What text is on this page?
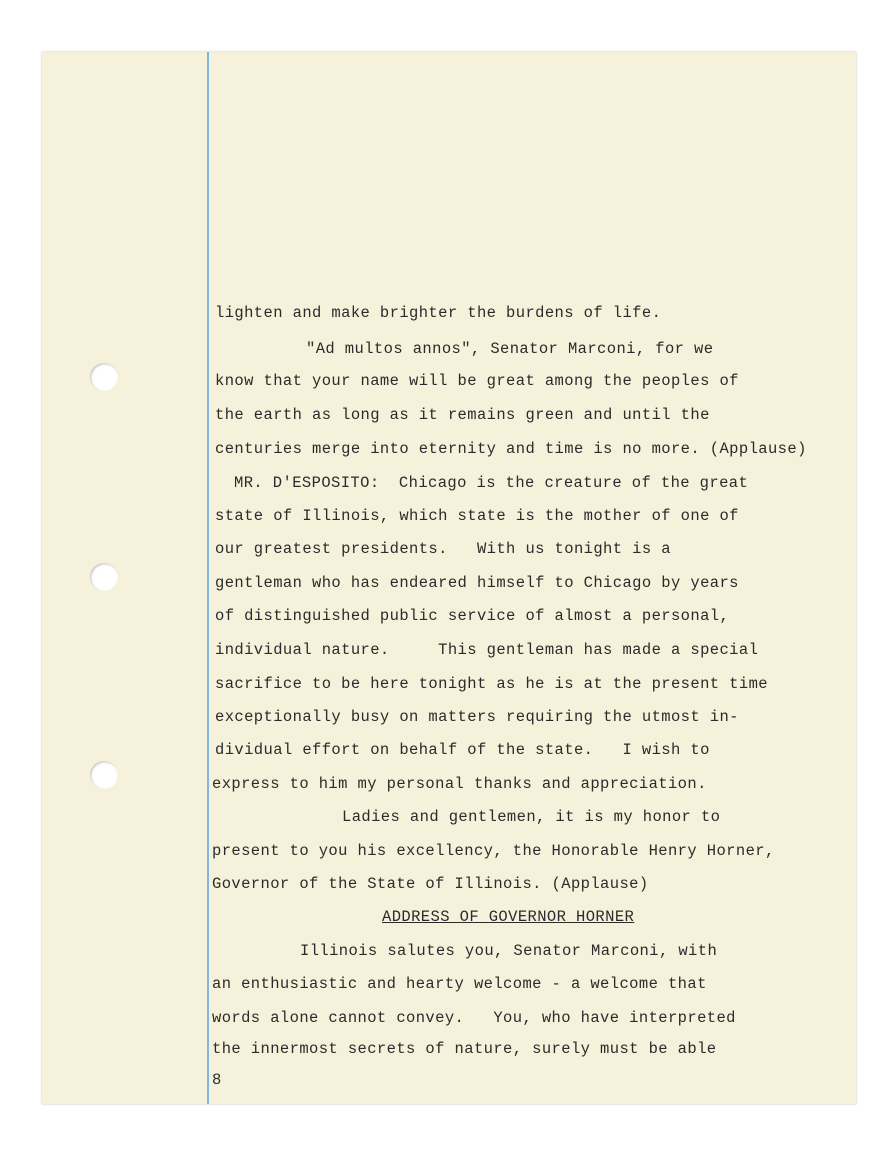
lighten and make brighter the burdens of life.

"Ad multos annos", Senator Marconi, for we

know that your name will be great among the peoples of

the earth as long as it remains green and until the

centuries merge into eternity and time is no more. (Applause)

MR. D'ESPOSITO:  Chicago is the creature of the great

state of Illinois, which state is the mother of one of

our greatest presidents.   With us tonight is a

gentleman who has endeared himself to Chicago by years

of distinguished public service of almost a personal,

individual nature.     This gentleman has made a special

sacrifice to be here tonight as he is at the present time

exceptionally busy on matters requiring the utmost in-

dividual effort on behalf of the state.   I wish to

express to him my personal thanks and appreciation.

Ladies and gentlemen, it is my honor to

present to you his excellency, the Honorable Henry Horner,

Governor of the State of Illinois. (Applause)

ADDRESS OF GOVERNOR HORNER

Illinois salutes you, Senator Marconi, with

an enthusiastic and hearty welcome - a welcome that

words alone cannot convey.   You, who have interpreted

the innermost secrets of nature, surely must be able

8
